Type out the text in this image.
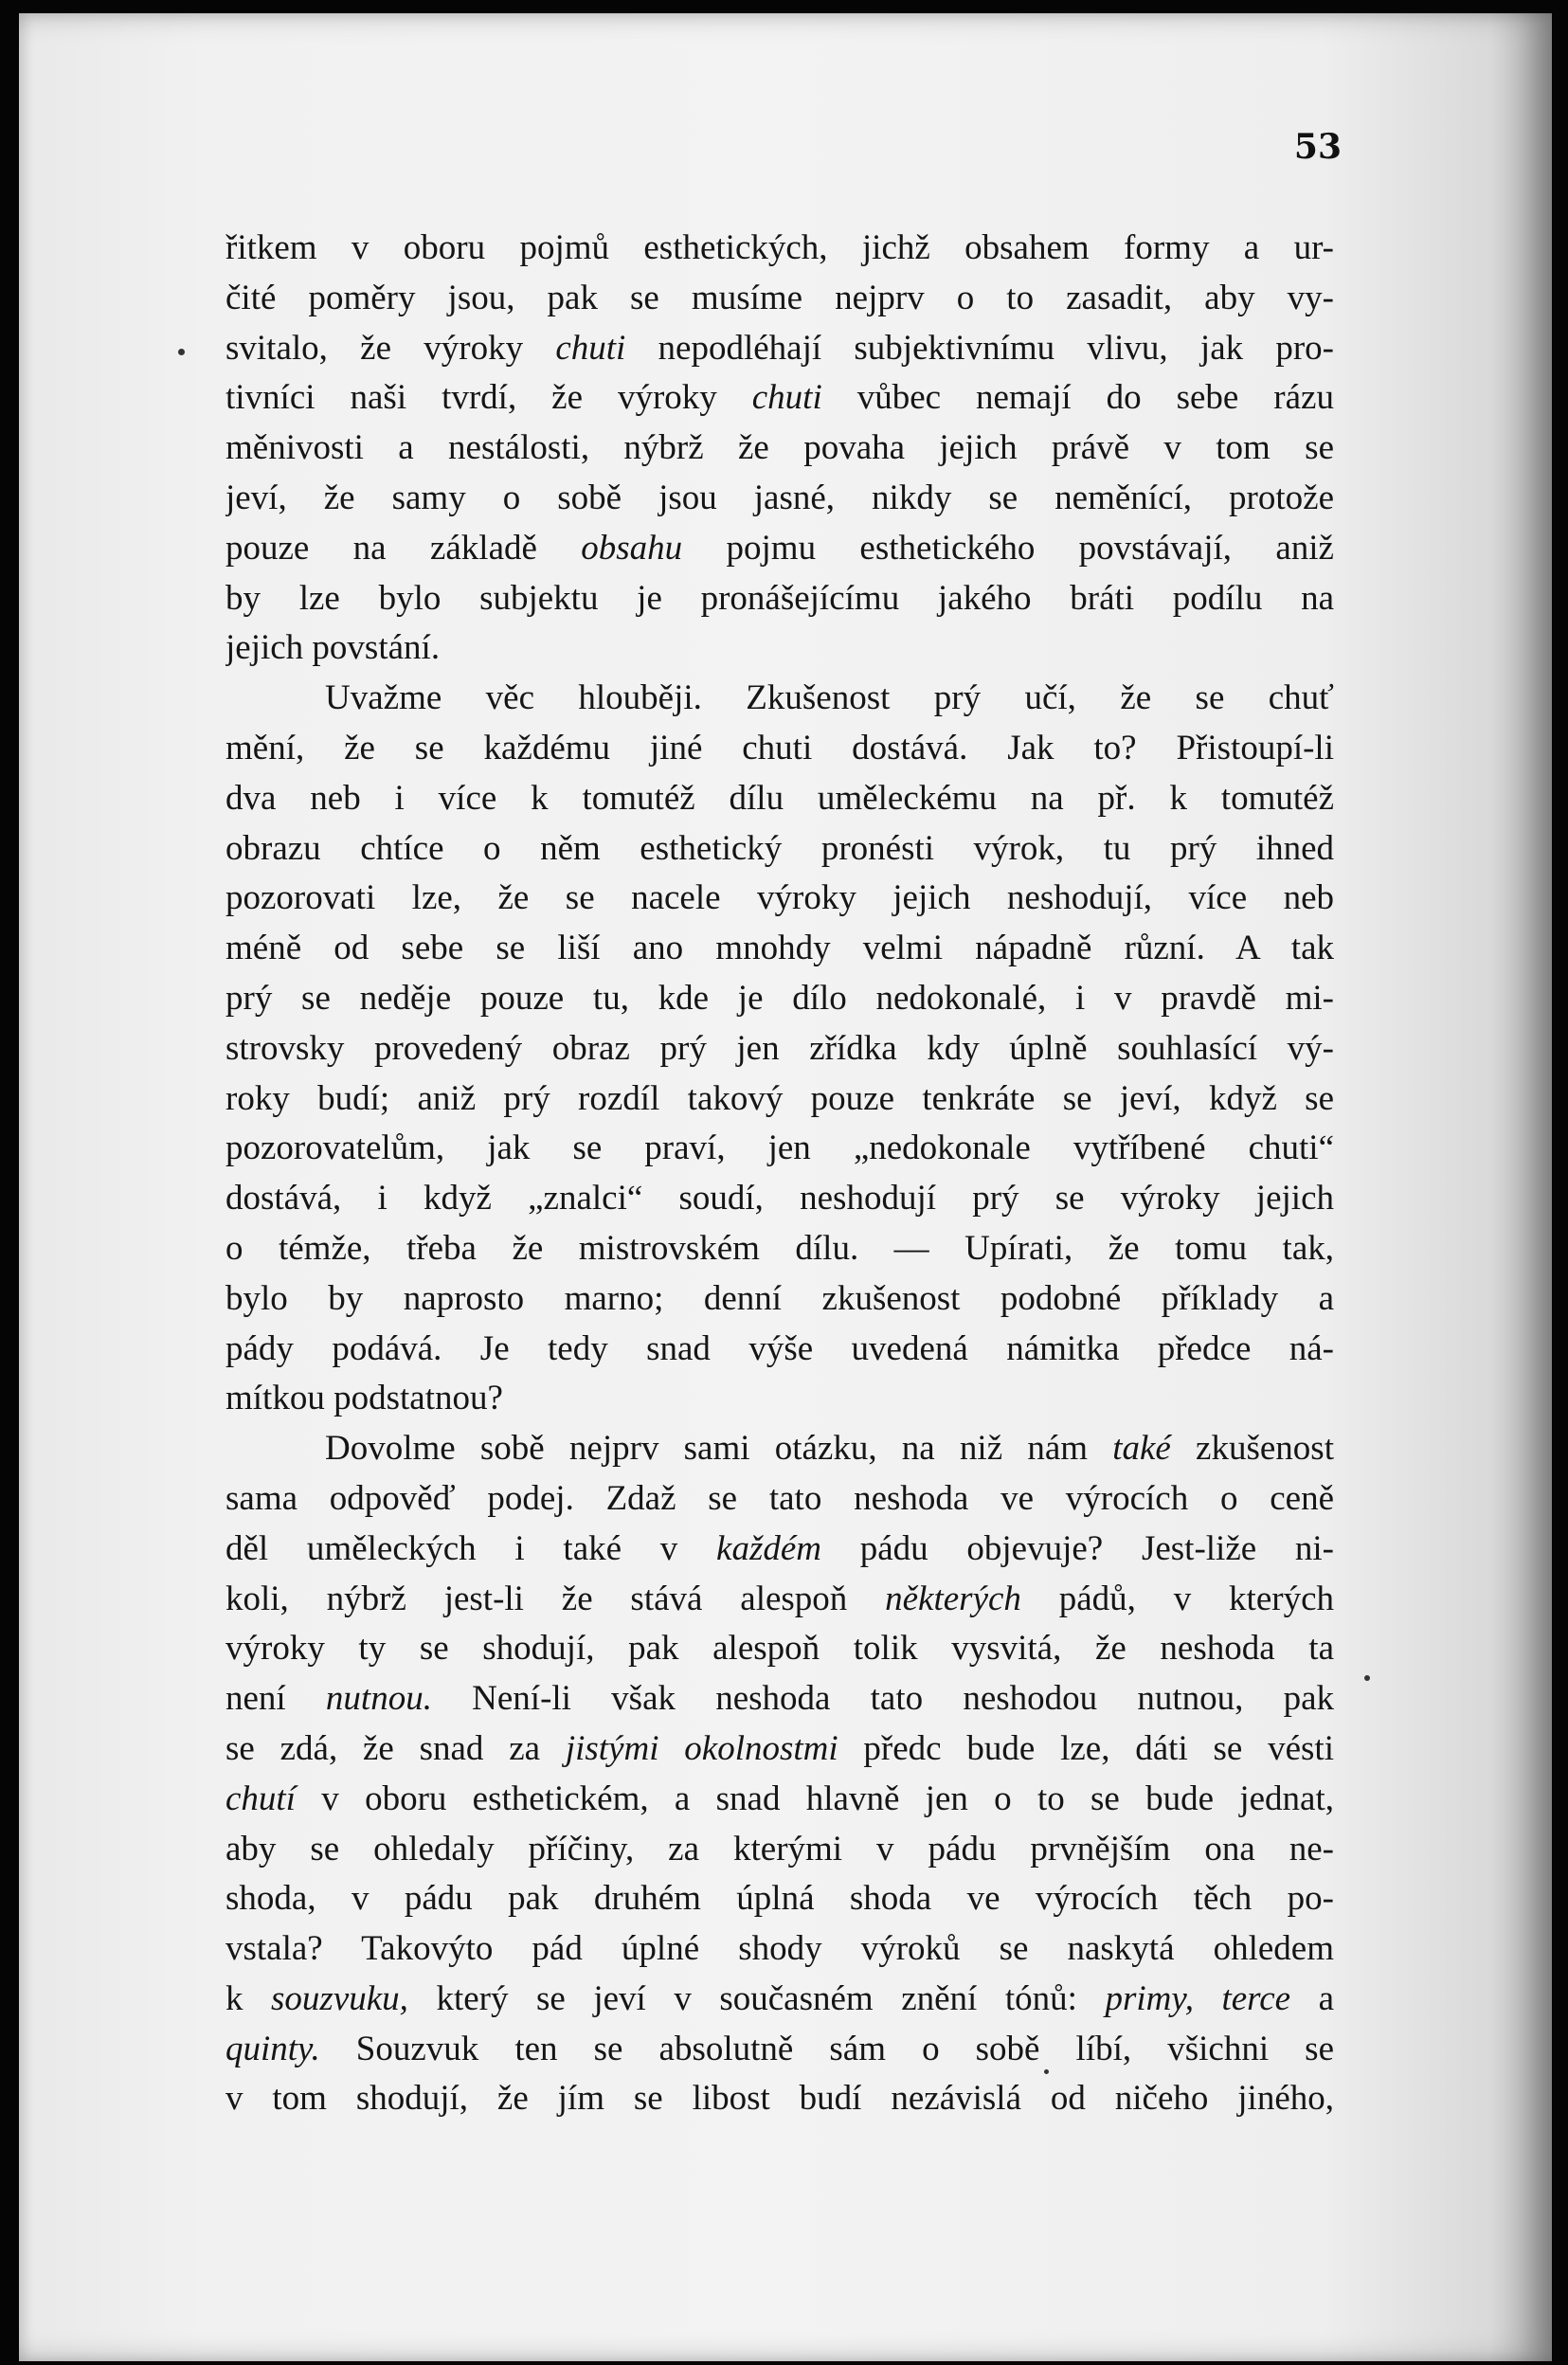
53
řitkem v oboru pojmů esthetických, jichž obsahem formy a ur-
čité poměry jsou, pak se musíme nejprv o to zasadit, aby vy-
svitalo, že výroky chuti nepodléhají subjektivnímu vlivu, jak pro-
tivníci naši tvrdí, že výroky chuti vůbec nemají do sebe rázu
měnivosti a nestálosti, nýbrž že povaha jejich právě v tom se
jeví, že samy o sobě jsou jasné, nikdy se neměnící, protože
pouze na základě obsahu pojmu esthetického povstávají, aniž
by lze bylo subjektu je pronášejícímu jakého bráti podílu na
jejich povstání.
Uvažme věc hlouběji. Zkušenost prý učí, že se chuť
mění, že se každému jiné chuti dostává. Jak to? Přistoupí-li
dva neb i více k tomutéž dílu uměleckému na př. k tomutéž
obrazu chtíce o něm esthetický pronésti výrok, tu prý ihned
pozorovati lze, že se nacele výroky jejich neshodují, více neb
méně od sebe se liší ano mnohdy velmi nápadně různí. A tak
prý se neděje pouze tu, kde je dílo nedokonalé, i v pravdě mi-
strovsky provedený obraz prý jen zřídka kdy úplně souhlasící vý-
roky budí; aniž prý rozdíl takový pouze tenkráte se jeví, když se
pozorovatelům, jak se praví, jen „nedokonale vytříbené chuti“
dostává, i když „znalci“ soudí, neshodují prý se výroky jejich
o témže, třeba že mistrovském dílu. — Upírati, že tomu tak,
bylo by naprosto marno; denní zkušenost podobné příklady a
pády podává. Je tedy snad výše uvedená námitka předce ná-
mítkou podstatnou?
Dovolme sobě nejprv sami otázku, na niž nám také zkušenost
sama odpověď podej. Zdaž se tato neshoda ve výrocích o ceně
děl uměleckých i také v každém pádu objevuje? Jest-liže ni-
koli, nýbrž jest-li že stává alespoň některých pádů, v kterých
výroky ty se shodují, pak alespoň tolik vysvitá, že neshoda ta
není nutnou. Není-li však neshoda tato neshodou nutnou, pak
se zdá, že snad za jistými okolnostmi předc bude lze, dáti se vésti
chutí v oboru esthetickém, a snad hlavně jen o to se bude jednat,
aby se ohledaly příčiny, za kterými v pádu prvnějším ona ne-
shoda, v pádu pak druhém úplná shoda ve výrocích těch po-
vstala? Takovýto pád úplné shody výroků se naskytá ohledem
k souzvuku, který se jeví v současném znění tónů: primy, terce a
quinty. Souzvuk ten se absolutně sám o sobě líbí, všichni se
v tom shodují, že jím se libost budí nezávislá od ničeho jiného,
